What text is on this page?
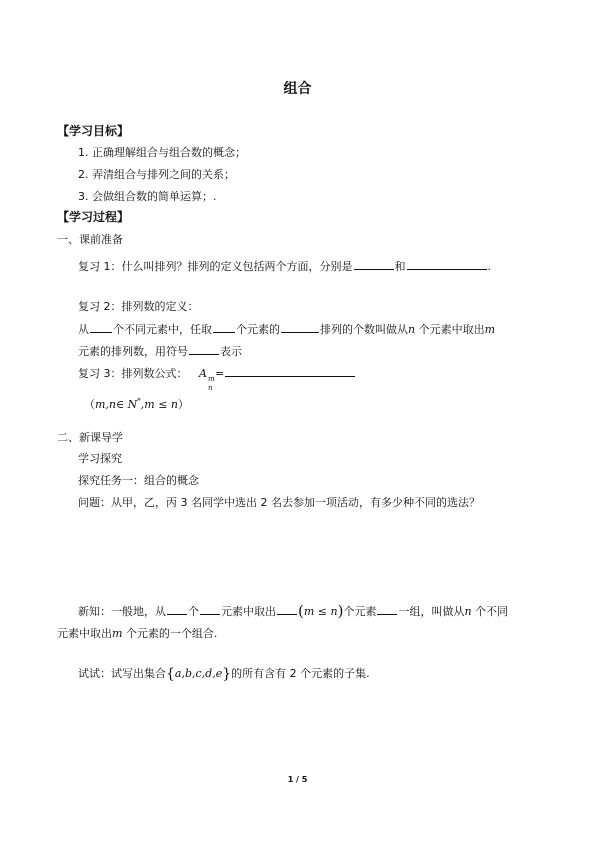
组合
【学习目标】
1. 正确理解组合与组合数的概念；
2. 弄清组合与排列之间的关系；
3. 会做组合数的简单运算；.
【学习过程】
一、课前准备
复习 1：什么叫排列？排列的定义包括两个方面，分别是	和	.
复习 2：排列数的定义：
从 个不同元素中，任取 个元素的	排列的个数叫做从n 个元素中取出m
元素的排列数，用符号	表示
复习 3：排列数公式： A m
n
=
（m,n∈ N*,m ≤ n）
二、新课导学
学习探究
探究任务一：组合的概念
问题：从甲，乙，丙 3 名同学中选出 2 名去参加一项活动，有多少种不同的选法？
新知：一般地，从 个 元素中取出 (m ≤ n)个元素 一组，叫做从n 个不同
元素中取出m 个元素的一个组合.
试试：试写出集合{a,b,c,d,e}的所有含有 2 个元素的子集.
1 / 5
